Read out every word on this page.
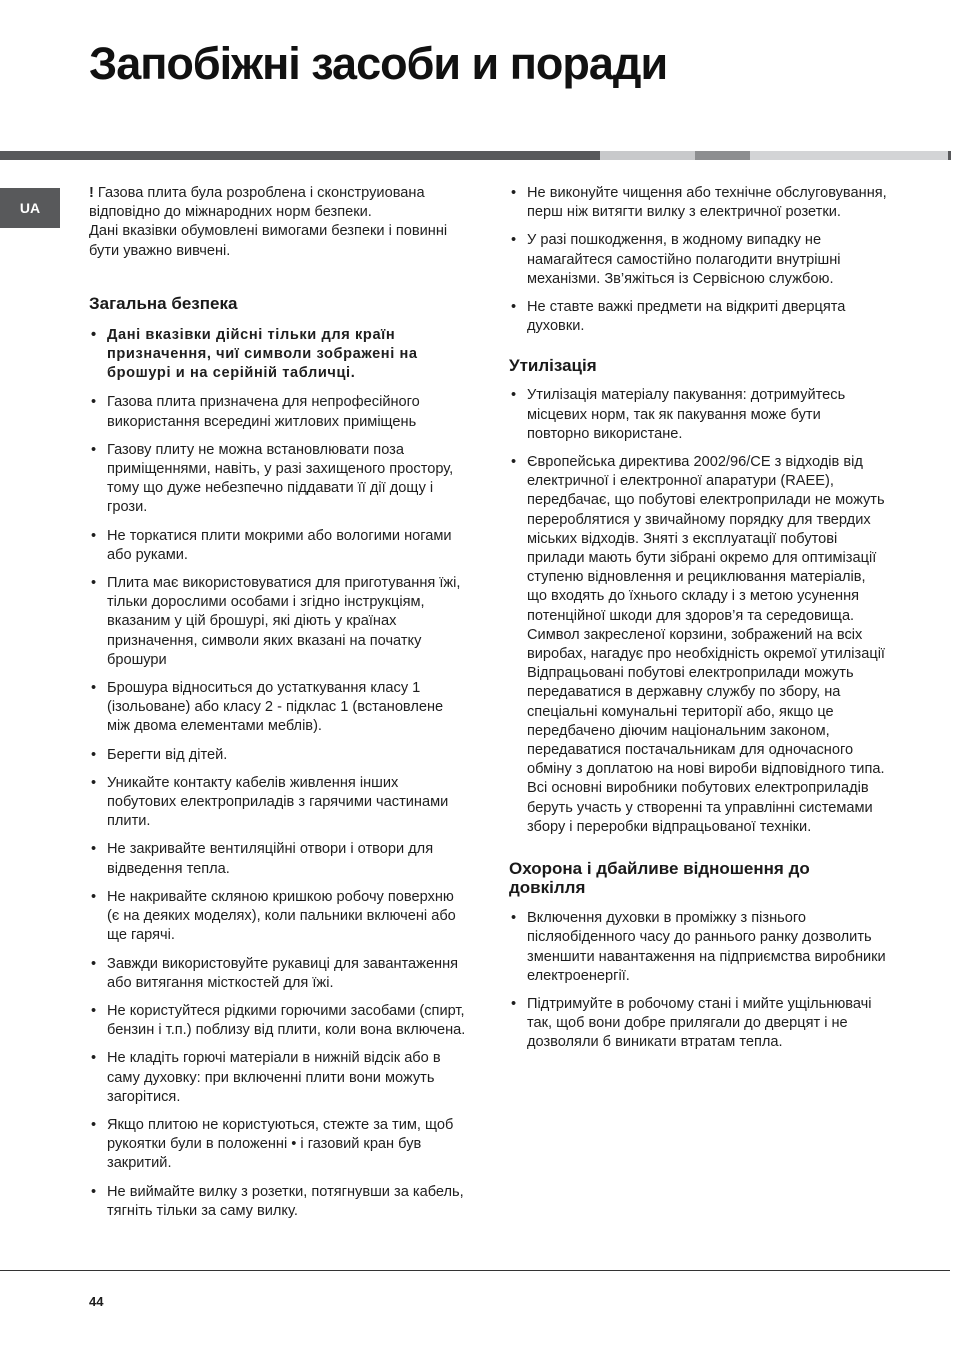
Запобіжні засоби и поради
UA

! Газова плита була розроблена і сконструиована відповідно до міжнародних норм безпеки.
Дані вказівки обумовлені вимогами безпеки і повинні бути уважно вивчені.

Загальна безпека
• Дані вказівки дійсні тільки для країн призначення, чиї символи зображені на брошурі и на серійній табличці.
• Газова плита призначена для непрофесійного використання всередині житлових приміщень
• Газову плиту не можна встановлювати поза приміщеннями, навіть, у разі захищеного простору, тому що дуже небезпечно піддавати її дії дощу і грози.
• Не торкатися плити мокрими або вологими ногами або руками.
• Плита має використовуватися для приготування їжі, тільки дорослими особами і згідно інструкціям, вказаним у цій брошурі, які діють у країнах призначення, символи яких вказані на початку брошури
• Брошура відноситься до устаткування класу 1 (ізольоване) або класу 2 - підклас 1 (встановлене між двома елементами меблів).
• Берегти від дітей.
• Уникайте контакту кабелів живлення інших побутових електроприладів з гарячими частинами плити.
• Не закривайте вентиляційні отвори і отвори для відведення тепла.
• Не накривайте скляною кришкою робочу поверхню (є на деяких моделях), коли пальники включені або ще гарячі.
• Завжди використовуйте рукавиці для завантаження або витягання місткостей для їжі.
• Не користуйтеся рідкими горючими засобами (спирт, бензин і т.п.) поблизу від плити, коли вона включена.
• Не кладіть горючі матеріали в нижній відсік або в саму духовку: при включенні плити вони можуть загорітися.
• Якщо плитою не користуються, стежте за тим, щоб рукоятки були в положенні • і газовий кран був закритий.
• Не виймайте вилку з розетки, потягнувши за кабель, тягніть тільки за саму вилку.
• Не виконуйте чищення або технічне обслуговування, перш ніж витягти вилку з електричної розетки.
• У разі пошкодження, в жодному випадку не намагайтеся самостійно полагодити внутрішні механізми. Зв’яжіться із Сервісною службою.
• Не ставте важкі предмети на відкриті дверцята духовки.
Утилізація
• Утилізація матеріалу пакування: дотримуйтесь місцевих норм, так як пакування може бути повторно використане.
• Європейська директива 2002/96/CE з відходів від електричної і електронної апаратури (RAEE), передбачає, що побутові електроприлади не можуть перероблятися у звичайному порядку для твердих міських відходів. Зняті з експлуатації побутові прилади мають бути зібрані окремо для оптимізації ступеню відновлення и рециклювання матеріалів, що входять до їхнього складу і з метою усунення потенційної шкоди для здоров’я та середовища. Символ закресленої корзини, зображений на всіх виробах, нагадує про необхідність окремої утилізації
Відпрацьовані побутові електроприлади можуть передаватися в державну службу по збору, на спеціальні комунальні території або, якщо це передбачено діючим національним законом, передаватися постачальникам для одночасного обміну з доплатою на нові вироби відповідного типа.
Всі основні виробники побутових електроприладів беруть участь у створенні та управлінні системами збору і переробки відпрацьованої техніки.
Охорона і дбайливе відношення до довкілля
• Включення духовки в проміжку з пізнього післяобіденного часу до раннього ранку дозволить зменшити навантаження на підприємства виробники електроенергії.
• Підтримуйте в робочому стані і мийте ущільнювачі так, щоб вони добре прилягали до дверцят і не дозволяли б виникати втратам тепла.
44
